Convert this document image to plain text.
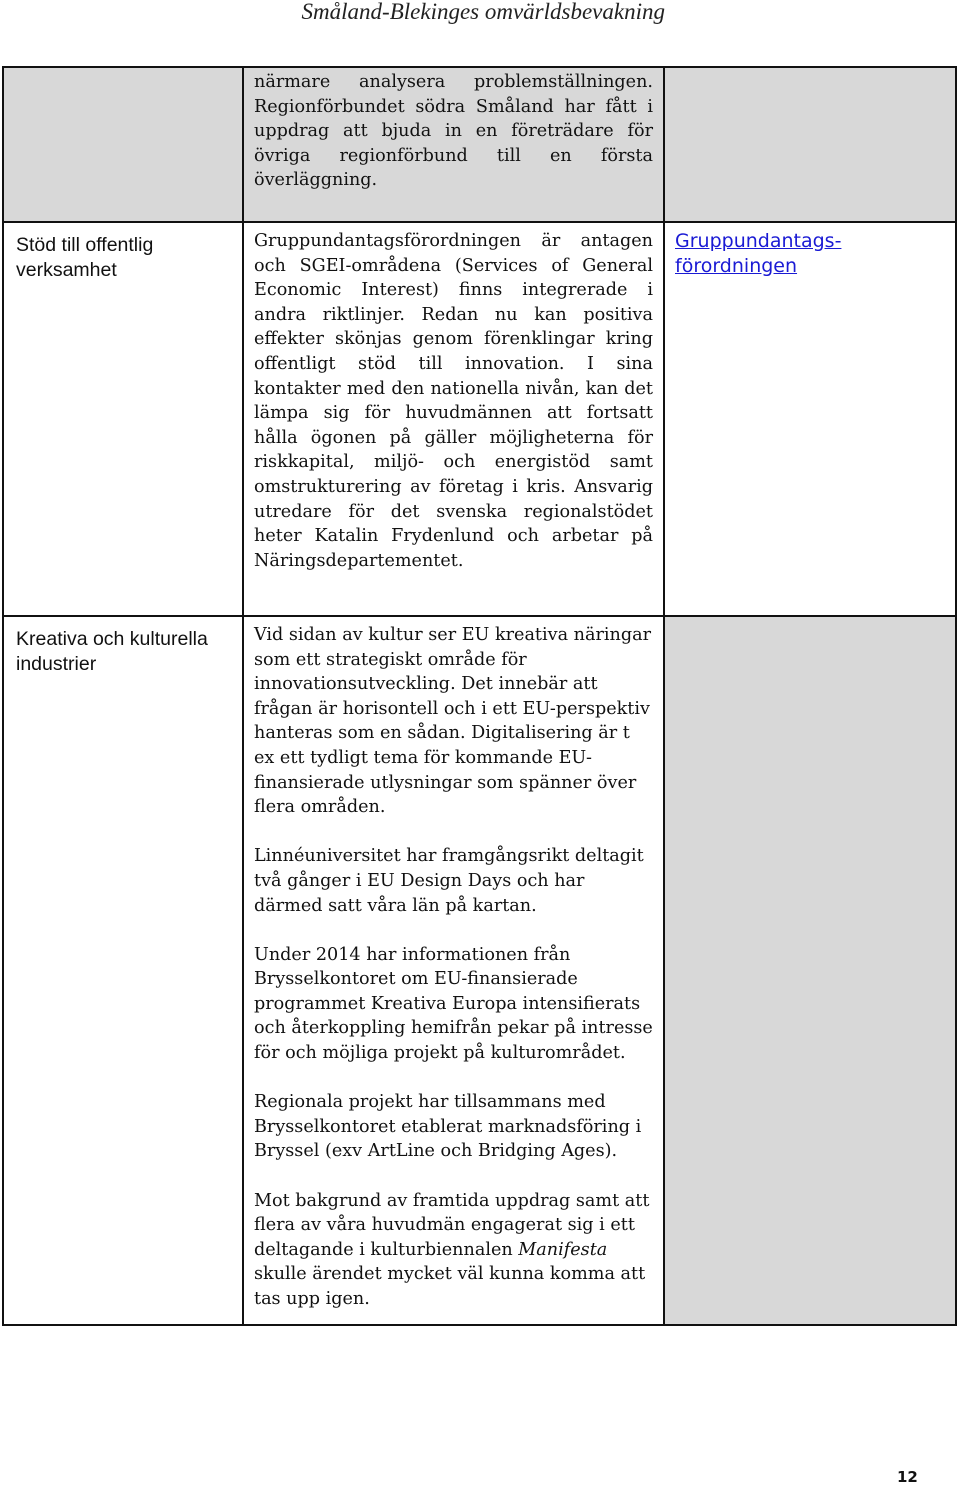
Småland-Blekinges omvärldsbevakning

	närmare analysera problemställningen. Regionförbundet södra Småland har fått i uppdrag att bjuda in en företrädare för övriga regionförbund till en första överläggning.	

Stöd till offentlig verksamhet	Gruppundantagsförordningen är antagen och SGEI-områdena (Services of General Economic Interest) finns integrerade i andra riktlinjer. Redan nu kan positiva effekter skönjas genom förenklingar kring offentligt stöd till innovation. I sina kontakter med den nationella nivån, kan det lämpa sig för huvudmännen att fortsatt hålla ögonen på gäller möjligheterna för riskkapital, miljö- och energistöd samt omstrukturering av företag i kris. Ansvarig utredare för det svenska regionalstödet heter Katalin Frydenlund och arbetar på Näringsdepartementet.	Gruppundantags-förordningen

Kreativa och kulturella industrier	Vid sidan av kultur ser EU kreativa näringar som ett strategiskt område för innovationsutveckling. Det innebär att frågan är horisontell och i ett EU-perspektiv hanteras som en sådan. Digitalisering är t ex ett tydligt tema för kommande EU-finansierade utlysningar som spänner över flera områden.

Linnéuniversitet har framgångsrikt deltagit två gånger i EU Design Days och har därmed satt våra län på kartan.

Under 2014 har informationen från Brysselkontoret om EU-finansierade programmet Kreativa Europa intensifierats och återkoppling hemifrån pekar på intresse för och möjliga projekt på kulturområdet.

Regionala projekt har tillsammans med Brysselkontoret etablerat marknadsföring i Bryssel (exv ArtLine och Bridging Ages).

Mot bakgrund av framtida uppdrag samt att flera av våra huvudmän engagerat sig i ett deltagande i kulturbiennalen Manifesta skulle ärendet mycket väl kunna komma att tas upp igen.	

12
